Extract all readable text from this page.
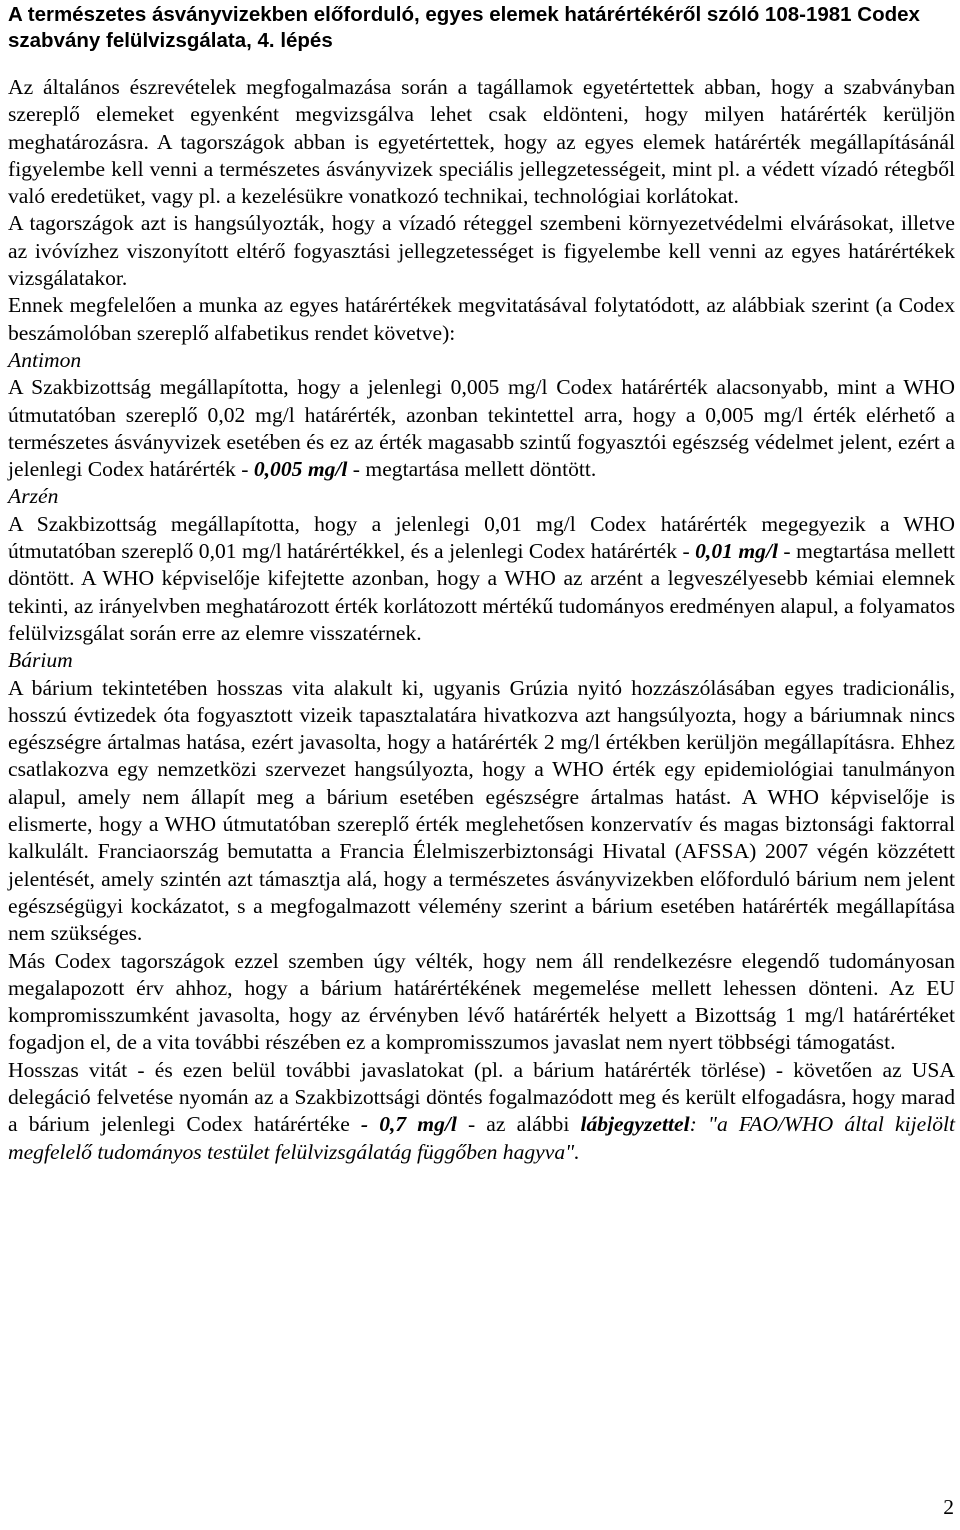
A természetes ásványvizekben előforduló, egyes elemek határértékéről szóló 108-1981 Codex szabvány felülvizsgálata, 4. lépés

Az általános észrevételek megfogalmazása során a tagállamok egyetértettek abban, hogy a szabványban szereplő elemeket egyenként megvizsgálva lehet csak eldönteni, hogy milyen határérték kerüljön meghatározásra. A tagországok abban is egyetértettek, hogy az egyes elemek határérték megállapításánál figyelembe kell venni a természetes ásványvizek speciális jellegzetességeit, mint pl. a védett vízadó rétegből való eredetüket, vagy pl. a kezelésükre vonatkozó technikai, technológiai korlátokat.

A tagországok azt is hangsúlyozták, hogy a vízadó réteggel szembeni környezetvédelmi elvárásokat, illetve az ivóvízhez viszonyított eltérő fogyasztási jellegzetességet is figyelembe kell venni az egyes határértékek vizsgálatakor.

Ennek megfelelően a munka az egyes határértékek megvitatásával folytatódott, az alábbiak szerint (a Codex beszámolóban szereplő alfabetikus rendet követve):

Antimon

A Szakbizottság megállapította, hogy a jelenlegi 0,005 mg/l Codex határérték alacsonyabb, mint a WHO útmutatóban szereplő 0,02 mg/l határérték, azonban tekintettel arra, hogy a 0,005 mg/l érték elérhető a természetes ásványvizek esetében és ez az érték magasabb szintű fogyasztói egészség védelmet jelent, ezért a jelenlegi Codex határérték - 0,005 mg/l - megtartása mellett döntött.

Arzén

A Szakbizottság megállapította, hogy a jelenlegi 0,01 mg/l Codex határérték megegyezik a WHO útmutatóban szereplő 0,01 mg/l határértékkel, és a jelenlegi Codex határérték - 0,01 mg/l - megtartása mellett döntött. A WHO képviselője kifejtette azonban, hogy a WHO az arzént a legveszélyesebb kémiai elemnek tekinti, az irányelvben meghatározott érték korlátozott mértékű tudományos eredményen alapul, a folyamatos felülvizsgálat során erre az elemre visszatérnek.

Bárium

A bárium tekintetében hosszas vita alakult ki, ugyanis Grúzia nyitó hozzászólásában egyes tradicionális, hosszú évtizedek óta fogyasztott vizeik tapasztalatára hivatkozva azt hangsúlyozta, hogy a báriumnak nincs egészségre ártalmas hatása, ezért javasolta, hogy a határérték 2 mg/l értékben kerüljön megállapításra. Ehhez csatlakozva egy nemzetközi szervezet hangsúlyozta, hogy a WHO érték egy epidemiológiai tanulmányon alapul, amely nem állapít meg a bárium esetében egészségre ártalmas hatást. A WHO képviselője is elismerte, hogy a WHO útmutatóban szereplő érték meglehetősen konzervatív és magas biztonsági faktorral kalkulált. Franciaország bemutatta a Francia Élelmiszerbiztonsági Hivatal (AFSSA) 2007 végén közzétett jelentését, amely szintén azt támasztja alá, hogy a természetes ásványvizekben előforduló bárium nem jelent egészségügyi kockázatot, s a megfogalmazott vélemény szerint a bárium esetében határérték megállapítása nem szükséges.

Más Codex tagországok ezzel szemben úgy vélték, hogy nem áll rendelkezésre elegendő tudományosan megalapozott érv ahhoz, hogy a bárium határértékének megemelése mellett lehessen dönteni. Az EU kompromisszumként javasolta, hogy az érvényben lévő határérték helyett a Bizottság 1 mg/l határértéket fogadjon el, de a vita további részében ez a kompromisszumos javaslat nem nyert többségi támogatást.

Hosszas vitát - és ezen belül további javaslatokat (pl. a bárium határérték törlése) - követően az USA delegáció felvetése nyomán az a Szakbizottsági döntés fogalmazódott meg és került elfogadásra, hogy marad a bárium jelenlegi Codex határértéke - 0,7 mg/l - az alábbi lábjegyzettel: "a FAO/WHO által kijelölt megfelelő tudományos testület felülvizsgálatág függőben hagyva".

2
